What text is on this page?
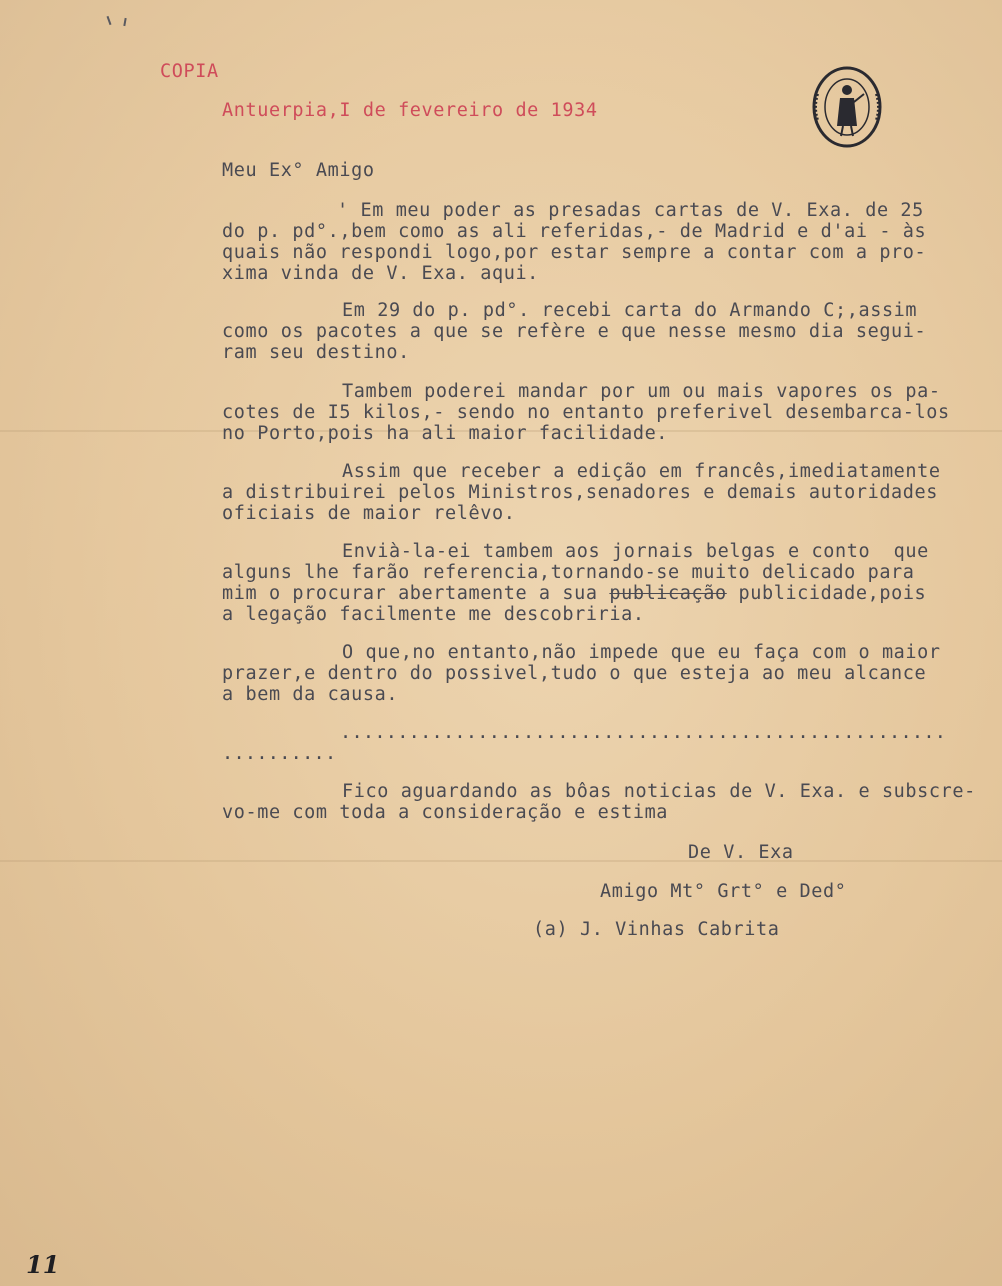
COPIA
Antuerpia,I de fevereiro de 1934
Meu Ex° Amigo
' Em meu poder as presadas cartas de V. Exa. de 25
do p. pd°.,bem como as ali referidas,- de Madrid e d'ai - às
quais não respondi logo,por estar sempre a contar com a pro-
xima vinda de V. Exa. aqui.
Em 29 do p. pd°. recebi carta do Armando C;,assim
como os pacotes a que se refère e que nesse mesmo dia segui-
ram seu destino.
Tambem poderei mandar por um ou mais vapores os pa-
cotes de I5 kilos,- sendo no entanto preferivel desembarca-los
no Porto,pois ha ali maior facilidade.
Assim que receber a edição em francês,imediatamente
a distribuirei pelos Ministros,senadores e demais autoridades
oficiais de maior relêvo.
Envià-la-ei tambem aos jornais belgas e conto  que
alguns lhe farão referencia,tornando-se muito delicado para
mim o procurar abertamente a sua publicação publicidade,pois
a legação facilmente me descobriria.
O que,no entanto,não impede que eu faça com o maior
prazer,e dentro do possivel,tudo o que esteja ao meu alcance
a bem da causa.
.....................................................
..........
Fico aguardando as bôas noticias de V. Exa. e subscre-
vo-me com toda a consideração e estima
De V. Exa
Amigo Mt° Grt° e Ded°
(a) J. Vinhas Cabrita
11
